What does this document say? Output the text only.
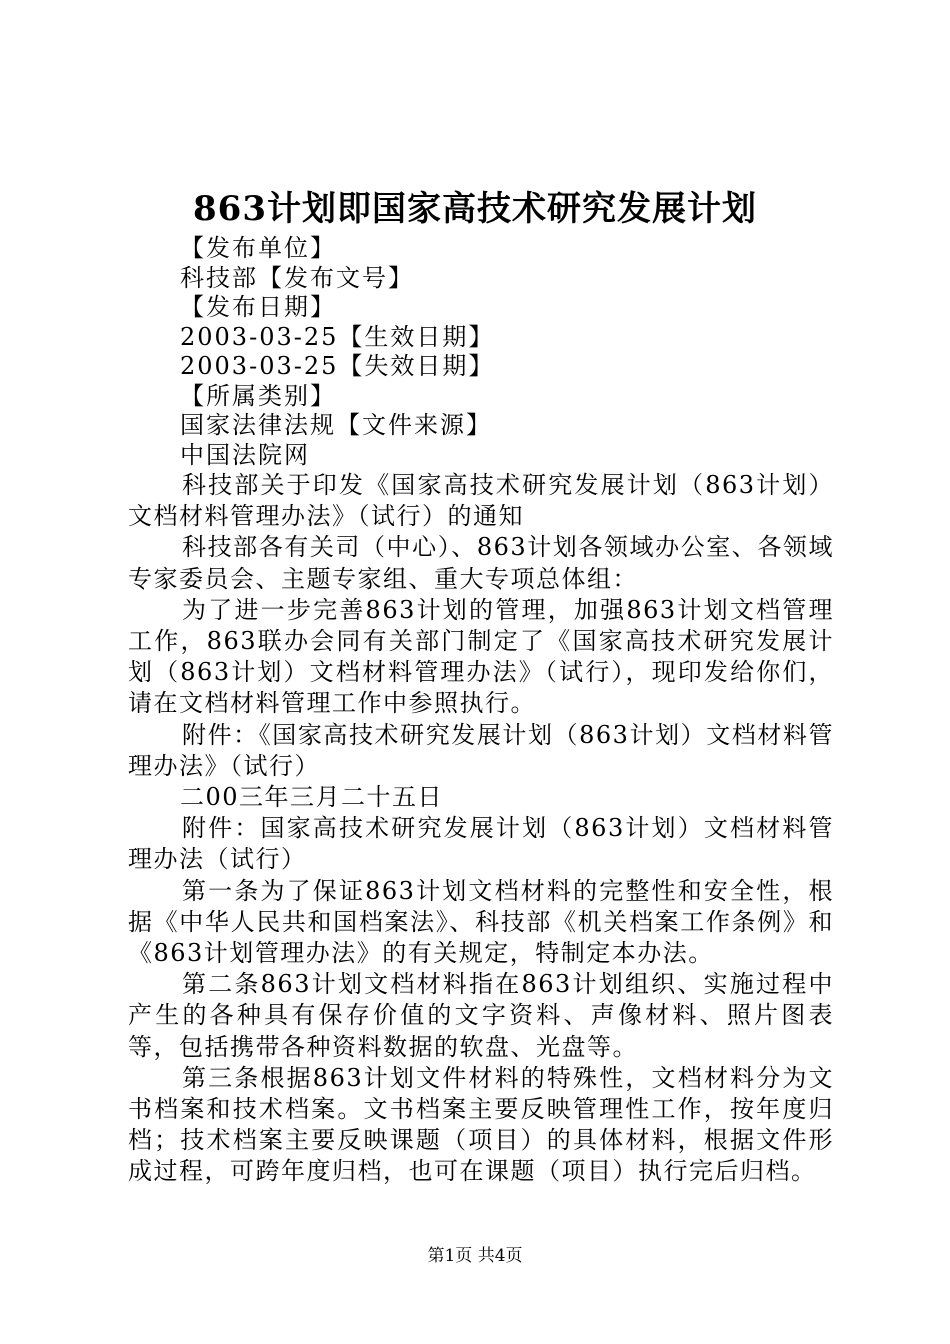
863计划即国家高技术研究发展计划
【发布单位】
科技部【发布文号】
【发布日期】
2003-03-25【生效日期】
2003-03-25【失效日期】
【所属类别】
国家法律法规【文件来源】
中国法院网
科技部关于印发《国家高技术研究发展计划（863计划）文档材料管理办法》（试行）的通知
科技部各有关司（中心）、863计划各领域办公室、各领域专家委员会、主题专家组、重大专项总体组：
为了进一步完善863计划的管理，加强863计划文档管理工作，863联办会同有关部门制定了《国家高技术研究发展计划（863计划）文档材料管理办法》（试行），现印发给你们，请在文档材料管理工作中参照执行。
附件：《国家高技术研究发展计划（863计划）文档材料管理办法》（试行）
二00三年三月二十五日
附件：国家高技术研究发展计划（863计划）文档材料管理办法（试行）
第一条为了保证863计划文档材料的完整性和安全性，根据《中华人民共和国档案法》、科技部《机关档案工作条例》和《863计划管理办法》的有关规定，特制定本办法。
第二条863计划文档材料指在863计划组织、实施过程中产生的各种具有保存价值的文字资料、声像材料、照片图表等，包括携带各种资料数据的软盘、光盘等。
第三条根据863计划文件材料的特殊性，文档材料分为文书档案和技术档案。文书档案主要反映管理性工作，按年度归档；技术档案主要反映课题（项目）的具体材料，根据文件形成过程，可跨年度归档，也可在课题（项目）执行完后归档。
第1页 共4页
